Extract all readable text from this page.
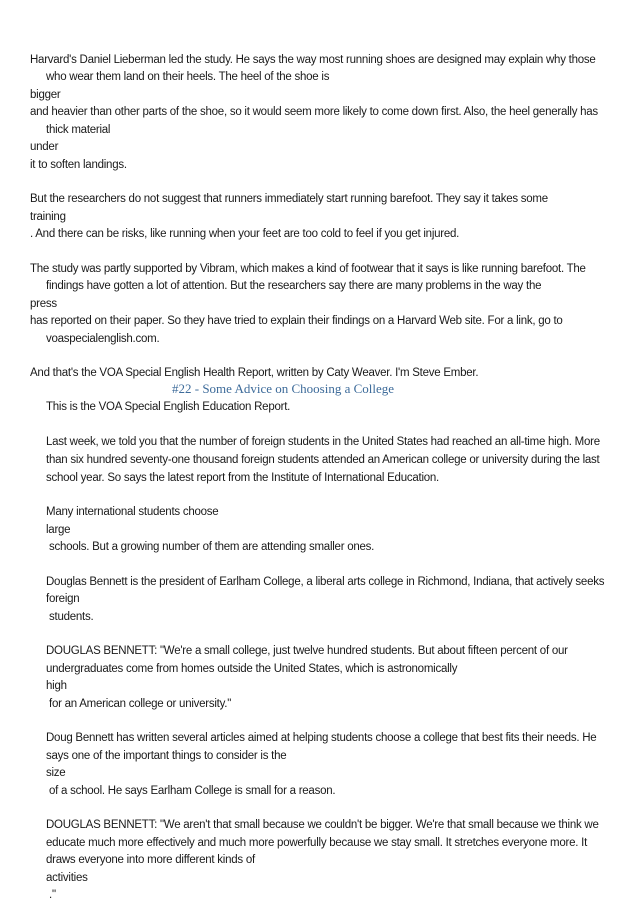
Harvard's Daniel Lieberman led the study. He says the way most running shoes are designed may explain why those
who wear them land on their heels. The heel of the shoe is
bigger
and heavier than other parts of the shoe, so it would seem more likely to come down first. Also, the heel generally has
thick material
under
it to soften landings.
But the researchers do not suggest that runners immediately start running barefoot. They say it takes some
training
. And there can be risks, like running when your feet are too cold to feel if you get injured.
The study was partly supported by Vibram, which makes a kind of footwear that it says is like running barefoot. The
findings have gotten a lot of attention. But the researchers say there are many problems in the way the
press
has reported on their paper. So they have tried to explain their findings on a Harvard Web site. For a link, go to
voaspecialenglish.com.
And that's the VOA Special English Health Report, written by Caty Weaver. I'm Steve Ember.
#22 - Some Advice on Choosing a College
This is the VOA Special English Education Report.
Last week, we told you that the number of foreign students in the United States had reached an all-time high. More
than six hundred seventy-one thousand foreign students attended an American college or university during the last
school year. So says the latest report from the Institute of International Education.
Many international students choose
large
schools. But a growing number of them are attending smaller ones.
Douglas Bennett is the president of Earlham College, a liberal arts college in Richmond, Indiana, that actively seeks
foreign
students.
DOUGLAS BENNETT: "We're a small college, just twelve hundred students. But about fifteen percent of our
undergraduates come from homes outside the United States, which is astronomically
high
for an American college or university."
Doug Bennett has written several articles aimed at helping students choose a college that best fits their needs. He
says one of the important things to consider is the
size
of a school. He says Earlham College is small for a reason.
DOUGLAS BENNETT: "We aren't that small because we couldn't be bigger. We're that small because we think we
educate much more effectively and much more powerfully because we stay small. It stretches everyone more. It
draws everyone into more different kinds of
activities
."
